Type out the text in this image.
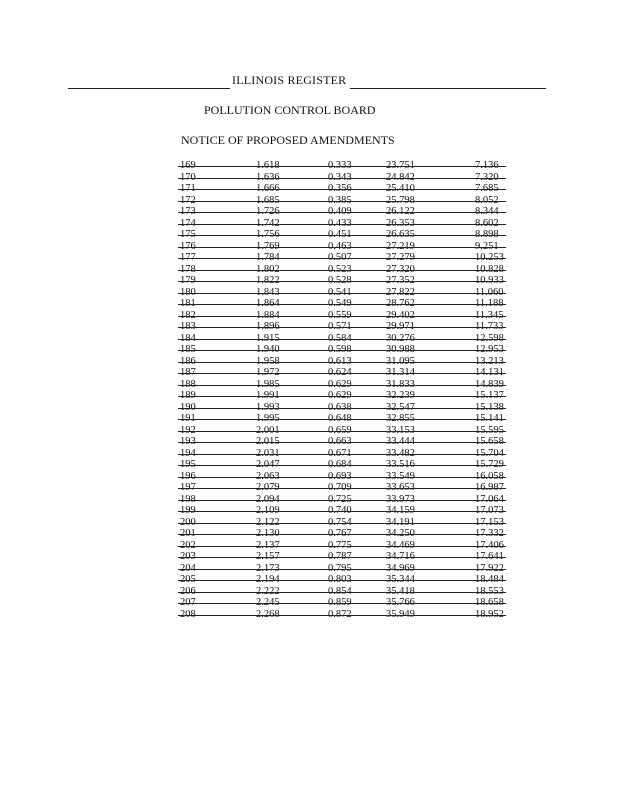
ILLINOIS REGISTER
POLLUTION CONTROL BOARD
NOTICE OF PROPOSED AMENDMENTS
169	1.618	0.333	23.751	7.136
170	1.636	0.343	24.842	7.320
171	1.666	0.356	25.410	7.685
172	1.685	0.385	25.798	8.052
173	1.726	0.409	26.122	8.344
174	1.742	0.433	26.353	8.602
175	1.756	0.451	26.635	8.898
176	1.769	0.463	27.219	9.251
177	1.784	0.507	27.279	10.253
178	1.802	0.523	27.320	10.828
179	1.822	0.528	27.352	10.933
180	1.843	0.541	27.822	11.060
181	1.864	0.549	28.762	11.188
182	1.884	0.559	29.402	11.345
183	1.896	0.571	29.971	11.733
184	1.915	0.584	30.276	12.598
185	1.940	0.598	30.988	12.953
186	1.958	0.613	31.095	13.213
187	1.972	0.624	31.314	14.131
188	1.985	0.629	31.833	14.839
189	1.991	0.629	32.239	15.137
190	1.993	0.638	32.547	15.138
191	1.995	0.648	32.855	15.141
192	2.001	0.659	33.153	15.595
193	2.015	0.663	33.444	15.658
194	2.031	0.671	33.482	15.704
195	2.047	0.684	33.516	15.729
196	2.063	0.693	33.549	16.058
197	2.079	0.709	33.653	16.987
198	2.094	0.725	33.973	17.064
199	2.109	0.740	34.159	17.073
200	2.122	0.754	34.191	17.153
201	2.130	0.767	34.250	17.332
202	2.137	0.775	34.469	17.406
203	2.157	0.787	34.716	17.641
204	2.173	0.795	34.969	17.922
205	2.194	0.803	35.344	18.484
206	2.222	0.854	35.418	18.553
207	2.245	0.859	35.766	18.658
208	2.268	0.872	35.949	18.952
